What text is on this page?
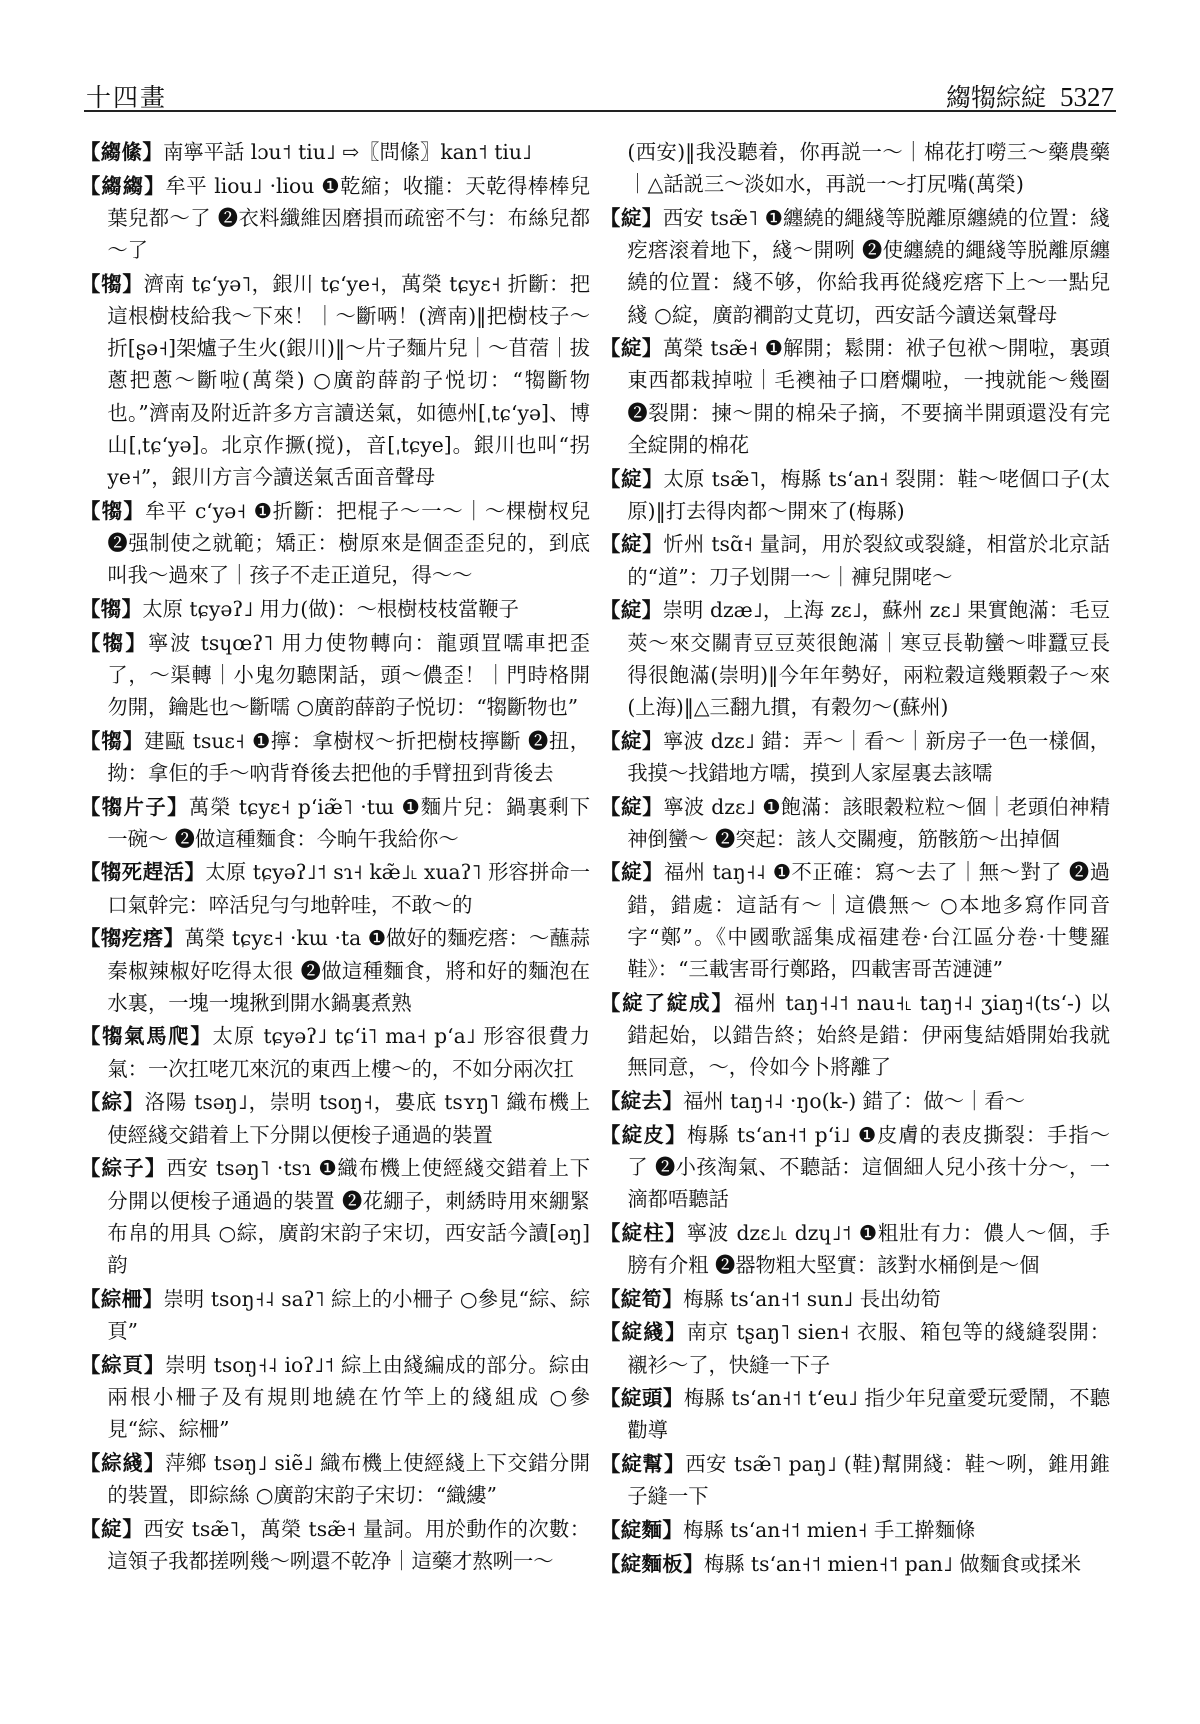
十四畫	縐犓綜綻 5327

【縐絛】南寧平話 lɔu˦ tiu˩ ⇨〖問絛〗kan˦ tiu˩

【縐縐】牟平 liou˩ ·liou ❶乾縮；收攏：天乾得棒棒兒葉兒都～了 ❷衣料纖維因磨損而疏密不勻：布絲兒都～了

【犓】濟南 tɕʻyə˥，銀川 tɕʻye˧，萬榮 tɕyɛ˧ 折斷：把這根樹枝給我～下來！｜～斷唡！(濟南)‖把樹枝子～折[ʂə˧]架爐子生火(銀川)‖～片子麵片兒｜～苜蓿｜拔蔥把蔥～斷啦(萬榮) ○廣韵薛韵子悦切：“犓斷物也。”濟南及附近許多方言讀送氣，如德州[ˌtɕʻyə]、博山[ˌtɕʻyə]。北京作撅(搅)，音[ˌtɕye]。銀川也叫“拐 ye˧”，銀川方言今讀送氣舌面音聲母

【犓】牟平 cʻyə˧ ❶折斷：把棍子～一～｜～棵樹杈兒 ❷强制使之就範；矯正：樹原來是個歪歪兒的，到底叫我～過來了｜孩子不走正道兒，得～～

【犓】太原 tɕyəʔ˩ 用力(做)：～根樹枝枝當鞭子

【犓】寧波 tsɥœʔ˥ 用力使物轉向：龍頭罝嚅車把歪了，～渠轉｜小鬼勿聽閑話，頭～儂歪！｜門時格開勿開，鑰匙也～斷嚅 ○廣韵薛韵子悦切：“犓斷物也”

【犓】建甌 tsuɛ˧ ❶擰：拿樹杈～折把樹枝擰斷 ❷扭，拗：拿佢的手～吶背脊後去把他的手臂扭到背後去

【犓片子】萬榮 tɕyɛ˧ pʻiæ̃˥ ·tɯ ❶麵片兒：鍋裏剩下一碗～ ❷做這種麵食：今晌午我給你～

【犓死趕活】太原 tɕyəʔ˩˦ sɿ˧ kæ̃˩˪ xuaʔ˥ 形容拼命一口氣幹完：啐活兒勻勻地幹哇，不敢～的

【犓疙瘩】萬榮 tɕyɛ˧ ·kɯ ·ta ❶做好的麵疙瘩：～蘸蒜秦椒辣椒好吃得太很 ❷做這種麵食，將和好的麵泡在水裏，一塊一塊揪到開水鍋裏煮熟

【犓氣馬爬】太原 tɕyəʔ˩ tɕʻi˥ ma˧ pʻa˩ 形容很費力氣：一次扛咾兀來沉的東西上樓～的，不如分兩次扛

【綜】洛陽 tsəŋ˩，崇明 tsoŋ˧，婁底 tsʏŋ˥ 織布機上使經綫交錯着上下分開以便梭子通過的裝置

【綜子】西安 tsəŋ˥ ·tsɿ ❶織布機上使經綫交錯着上下分開以便梭子通過的裝置 ❷花綳子，刺綉時用來綳緊布帛的用具 ○綜，廣韵宋韵子宋切，西安話今讀[əŋ]韵

【綜柵】崇明 tsoŋ˧˨ saʔ˥ 綜上的小柵子 ○參見“綜、綜頁”

【綜頁】崇明 tsoŋ˧˨ ioʔ˩˦ 綜上由綫編成的部分。綜由兩根小柵子及有規則地繞在竹竿上的綫組成 ○參見“綜、綜柵”

【綜綫】萍鄉 tsəŋ˩ siẽ˩ 織布機上使經綫上下交錯分開的裝置，即綜絲 ○廣韵宋韵子宋切：“織縷”

【綻】西安 tsæ̃˥，萬榮 tsæ̃˧ 量詞。用於動作的次數：這領子我都搓咧幾～咧還不乾净｜這藥才熬咧一～

(西安)‖我没聽着，你再説一～｜棉花打嘮三～藥農藥｜△話説三～淡如水，再説一～打尻嘴(萬榮)

【綻】西安 tsæ̃˥ ❶纏繞的繩綫等脱離原纏繞的位置：綫疙瘩滚着地下，綫～開咧 ❷使纏繞的繩綫等脱離原纏繞的位置：綫不够，你給我再從綫疙瘩下上～一點兒綫 ○綻，廣韵襇韵丈莧切，西安話今讀送氣聲母

【綻】萬榮 tsæ̃˧ ❶解開；鬆開：袱子包袱～開啦，裏頭東西都栽掉啦｜毛襖袖子口磨爛啦，一拽就能～幾圈 ❷裂開：揀～開的棉朵子摘，不要摘半開頭還没有完全綻開的棉花

【綻】太原 tsæ̃˥，梅縣 tsʻan˧ 裂開：鞋～咾個口子(太原)‖打去得肉都～開來了(梅縣)

【綻】忻州 tsɑ̃˧ 量詞，用於裂紋或裂縫，相當於北京話的“道”：刀子划開一～｜褲兒開咾～

【綻】崇明 dzæ˩，上海 zɛ˩，蘇州 zɛ˩ 果實飽滿：毛豆莢～來交關青豆豆莢很飽滿｜寒豆長勒蠻～啡蠶豆長得很飽滿(崇明)‖今年年勢好，兩粒穀這幾顆穀子～來(上海)‖△三翻九摜，有穀勿～(蘇州)

【綻】寧波 dzɛ˩ 錯：弄～｜看～｜新房子一色一樣個，我摸～找錯地方嚅，摸到人家屋裏去該嚅

【綻】寧波 dzɛ˩ ❶飽滿：該眼穀粒粒～個｜老頭伯神精神倒蠻～ ❷突起：該人交關瘦，筋骸筋～出掉個

【綻】福州 taŋ˧˨ ❶不正確：寫～去了｜無～對了 ❷過錯，錯處：這話有～｜這儂無～ ○本地多寫作同音字“鄭”。《中國歌謡集成福建卷·台江區分卷·十雙羅鞋》：“三載害哥行鄭路，四載害哥苦漣漣”

【綻了綻成】福州 taŋ˧˨˦ nau˧˪ taŋ˧˨ ʒiaŋ˧(tsʻ-) 以錯起始，以錯告終；始終是錯：伊兩隻結婚開始我就無同意，～，伶如今卜將離了

【綻去】福州 taŋ˧˨ ·ŋo(k-) 錯了：做～｜看～

【綻皮】梅縣 tsʻan˧˦ pʻi˩ ❶皮膚的表皮撕裂：手指～了 ❷小孩淘氣、不聽話：這個細人兒小孩十分～，一滴都唔聽話

【綻柱】寧波 dzɛ˩˪ dzɥ˩˦ ❶粗壯有力：儂人～個，手膀有介粗 ❷器物粗大堅實：該對水桶倒是～個

【綻筍】梅縣 tsʻan˧˦ sun˩ 長出幼筍

【綻綫】南京 tʂaŋ˥ sien˧ 衣服、箱包等的綫縫裂開：襯衫～了，快縫一下子

【綻頭】梅縣 tsʻan˧˦ tʻeu˩ 指少年兒童愛玩愛鬧，不聽勸導

【綻幫】西安 tsæ̃˥ paŋ˩ (鞋)幫開綫：鞋～咧，錐用錐子縫一下

【綻麵】梅縣 tsʻan˧˦ mien˧ 手工擀麵條

【綻麵板】梅縣 tsʻan˧˦ mien˧˦ pan˩ 做麵食或揉米
